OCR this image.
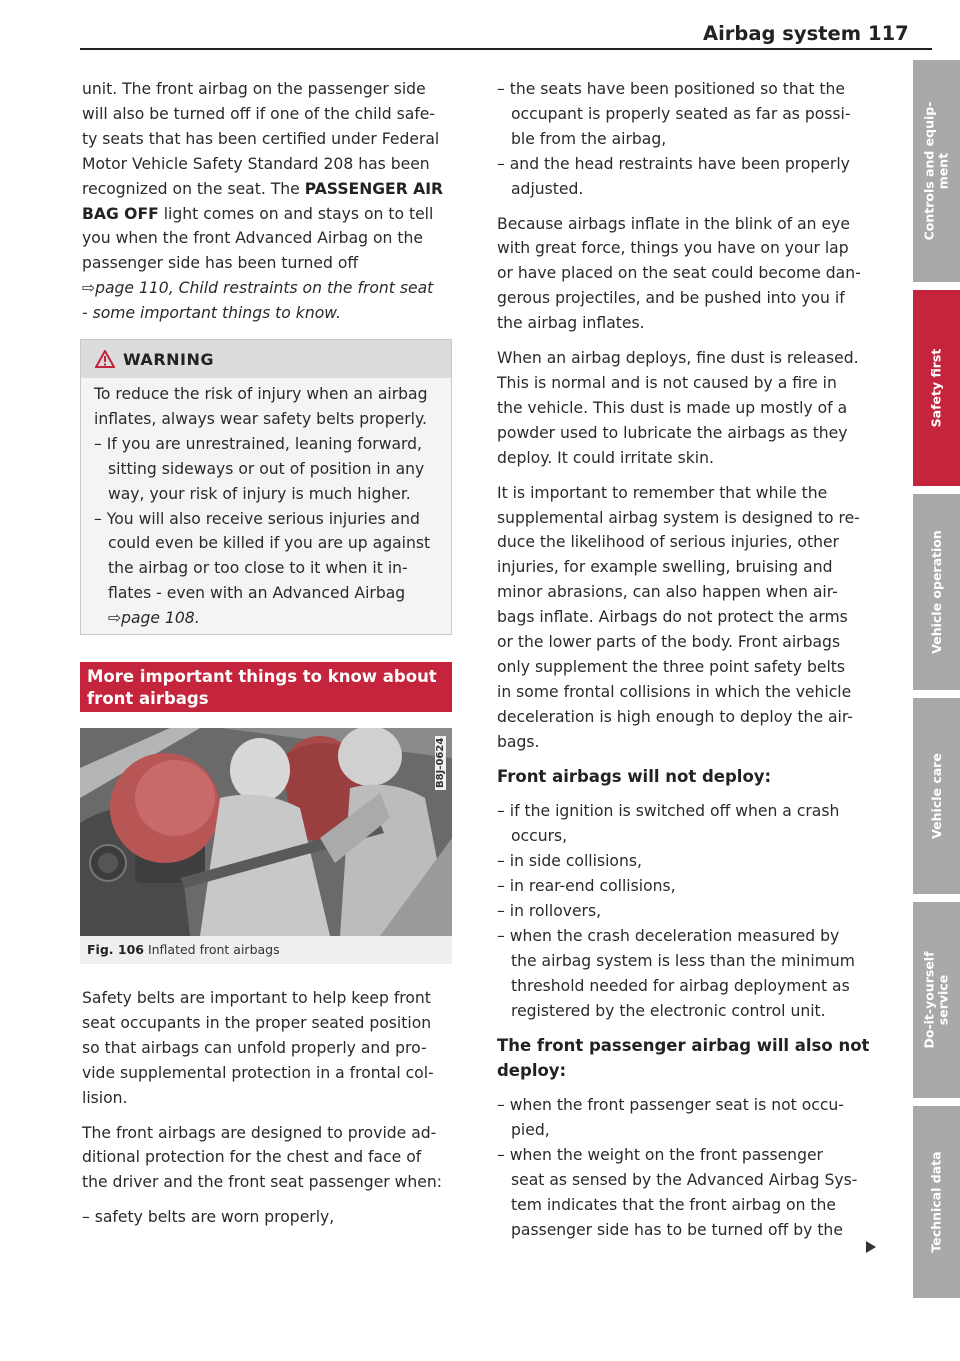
Airbag system 117
unit. The front airbag on the passenger side
will also be turned off if one of the child safe-
ty seats that has been certified under Federal
Motor Vehicle Safety Standard 208 has been
recognized on the seat. The PASSENGER AIR
BAG OFF light comes on and stays on to tell
you when the front Advanced Airbag on the
passenger side has been turned off
⇨page 110, Child restraints on the front seat
- some important things to know.
WARNING
To reduce the risk of injury when an airbag
inflates, always wear safety belts properly.
– If you are unrestrained, leaning forward,
sitting sideways or out of position in any
way, your risk of injury is much higher.
– You will also receive serious injuries and
could even be killed if you are up against
the airbag or too close to it when it in-
flates - even with an Advanced Airbag
⇨page 108.
More important things to know about
front airbags
B8J-0624
Fig. 106 Inflated front airbags
Safety belts are important to help keep front
seat occupants in the proper seated position
so that airbags can unfold properly and pro-
vide supplemental protection in a frontal col-
lision.
The front airbags are designed to provide ad-
ditional protection for the chest and face of
the driver and the front seat passenger when:
– safety belts are worn properly,
– the seats have been positioned so that the
occupant is properly seated as far as possi-
ble from the airbag,
– and the head restraints have been properly
adjusted.
Because airbags inflate in the blink of an eye
with great force, things you have on your lap
or have placed on the seat could become dan-
gerous projectiles, and be pushed into you if
the airbag inflates.
When an airbag deploys, fine dust is released.
This is normal and is not caused by a fire in
the vehicle. This dust is made up mostly of a
powder used to lubricate the airbags as they
deploy. It could irritate skin.
It is important to remember that while the
supplemental airbag system is designed to re-
duce the likelihood of serious injuries, other
injuries, for example swelling, bruising and
minor abrasions, can also happen when air-
bags inflate. Airbags do not protect the arms
or the lower parts of the body. Front airbags
only supplement the three point safety belts
in some frontal collisions in which the vehicle
deceleration is high enough to deploy the air-
bags.
Front airbags will not deploy:
– if the ignition is switched off when a crash
occurs,
– in side collisions,
– in rear-end collisions,
– in rollovers,
– when the crash deceleration measured by
the airbag system is less than the minimum
threshold needed for airbag deployment as
registered by the electronic control unit.
The front passenger airbag will also not
deploy:
– when the front passenger seat is not occu-
pied,
– when the weight on the front passenger
seat as sensed by the Advanced Airbag Sys-
tem indicates that the front airbag on the
passenger side has to be turned off by the
Controls and equip- ment
Safety first
Vehicle operation
Vehicle care
Do-it-yourself service
Technical data
